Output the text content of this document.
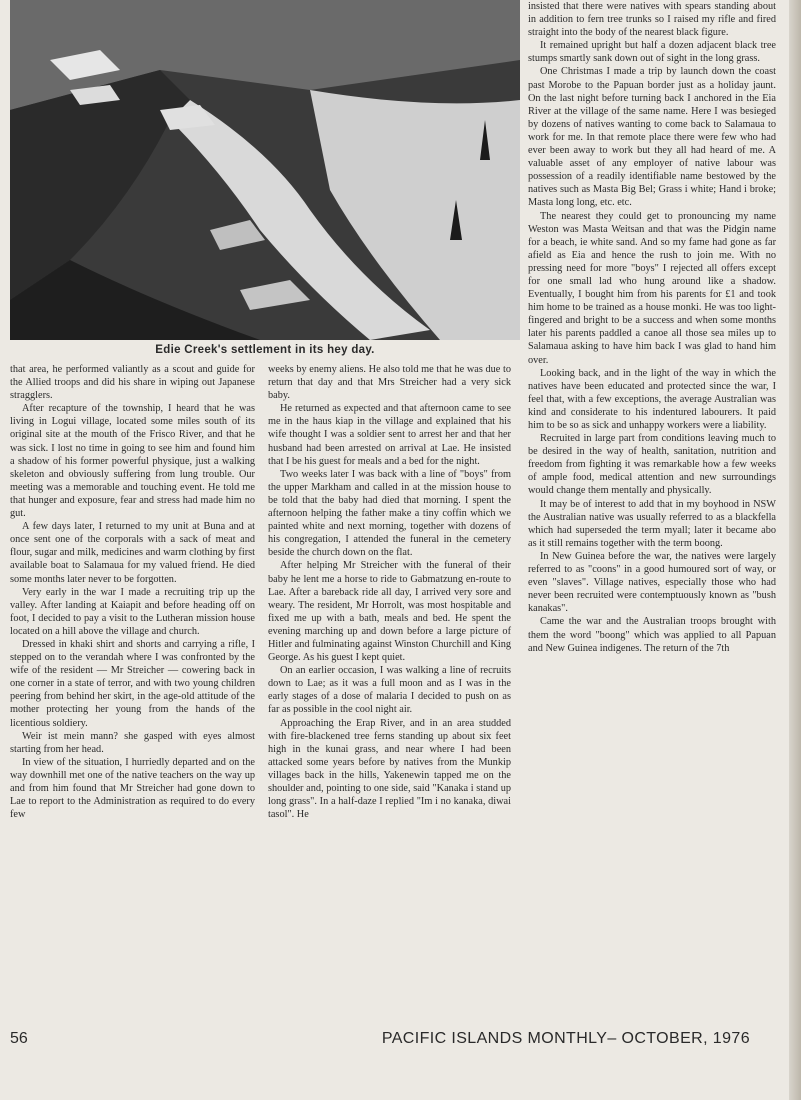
Edie Creek's settlement in its hey day.

that area, he performed valiantly as a scout and guide for the Allied troops and did his share in wiping out Japanese stragglers.

After recapture of the township, I heard that he was living in Logui village, located some miles south of its original site at the mouth of the Frisco River, and that he was sick. I lost no time in going to see him and found him a shadow of his former powerful physique, just a walking skeleton and obviously suffering from lung trouble. Our meeting was a memorable and touching event. He told me that hunger and exposure, fear and stress had made him no gut.

A few days later, I returned to my unit at Buna and at once sent one of the corporals with a sack of meat and flour, sugar and milk, medicines and warm clothing by first available boat to Salamaua for my valued friend. He died some months later never to be forgotten.

Very early in the war I made a recruiting trip up the valley. After landing at Kaiapit and before heading off on foot, I decided to pay a visit to the Lutheran mission house located on a hill above the village and church.

Dressed in khaki shirt and shorts and carrying a rifle, I stepped on to the verandah where I was confronted by the wife of the resident — Mr Streicher — cowering back in one corner in a state of terror, and with two young children peering from behind her skirt, in the age-old attitude of the mother protecting her young from the hands of the licentious soldiery.

Weir ist mein mann? she gasped with eyes almost starting from her head.

In view of the situation, I hurriedly departed and on the way downhill met one of the native teachers on the way up and from him found that Mr Streicher had gone down to Lae to report to the Administration as required to do every few

weeks by enemy aliens. He also told me that he was due to return that day and that Mrs Streicher had a very sick baby.

He returned as expected and that afternoon came to see me in the haus kiap in the village and explained that his wife thought I was a soldier sent to arrest her and that her husband had been arrested on arrival at Lae. He insisted that I be his guest for meals and a bed for the night.

Two weeks later I was back with a line of "boys" from the upper Markham and called in at the mission house to be told that the baby had died that morning. I spent the afternoon helping the father make a tiny coffin which we painted white and next morning, together with dozens of his congregation, I attended the funeral in the cemetery beside the church down on the flat.

After helping Mr Streicher with the funeral of their baby he lent me a horse to ride to Gabmatzung en-route to Lae. After a bareback ride all day, I arrived very sore and weary. The resident, Mr Horrolt, was most hospitable and fixed me up with a bath, meals and bed. He spent the evening marching up and down before a large picture of Hitler and fulminating against Winston Churchill and King George. As his guest I kept quiet.

On an earlier occasion, I was walking a line of recruits down to Lae; as it was a full moon and as I was in the early stages of a dose of malaria I decided to push on as far as possible in the cool night air.

Approaching the Erap River, and in an area studded with fire-blackened tree ferns standing up about six feet high in the kunai grass, and near where I had been attacked some years before by natives from the Munkip villages back in the hills, Yakenewin tapped me on the shoulder and, pointing to one side, said "Kanaka i stand up long grass". In a half-daze I replied "Im i no kanaka, diwai tasol". He

insisted that there were natives with spears standing about in addition to fern tree trunks so I raised my rifle and fired straight into the body of the nearest black figure.

It remained upright but half a dozen adjacent black tree stumps smartly sank down out of sight in the long grass.

One Christmas I made a trip by launch down the coast past Morobe to the Papuan border just as a holiday jaunt. On the last night before turning back I anchored in the Eia River at the village of the same name. Here I was besieged by dozens of natives wanting to come back to Salamaua to work for me. In that remote place there were few who had ever been away to work but they all had heard of me. A valuable asset of any employer of native labour was possession of a readily identifiable name bestowed by the natives such as Masta Big Bel; Grass i white; Hand i broke; Masta long long, etc. etc.

The nearest they could get to pronouncing my name Weston was Masta Weitsan and that was the Pidgin name for a beach, ie white sand. And so my fame had gone as far afield as Eia and hence the rush to join me. With no pressing need for more "boys" I rejected all offers except for one small lad who hung around like a shadow. Eventually, I bought him from his parents for £1 and took him home to be trained as a house monki. He was too light-fingered and bright to be a success and when some months later his parents paddled a canoe all those sea miles up to Salamaua asking to have him back I was glad to hand him over.

Looking back, and in the light of the way in which the natives have been educated and protected since the war, I feel that, with a few exceptions, the average Australian was kind and considerate to his indentured labourers. It paid him to be so as sick and unhappy workers were a liability.

Recruited in large part from conditions leaving much to be desired in the way of health, sanitation, nutrition and freedom from fighting it was remarkable how a few weeks of ample food, medical attention and new surroundings would change them mentally and physically.

It may be of interest to add that in my boyhood in NSW the Australian native was usually referred to as a blackfella which had superseded the term myall; later it became abo as it still remains together with the term boong.

In New Guinea before the war, the natives were largely referred to as "coons" in a good humoured sort of way, or even "slaves". Village natives, especially those who had never been recruited were contemptuously known as "bush kanakas".

Came the war and the Australian troops brought with them the word "boong" which was applied to all Papuan and New Guinea indigenes. The return of the 7th

56	PACIFIC ISLANDS MONTHLY– OCTOBER, 1976
